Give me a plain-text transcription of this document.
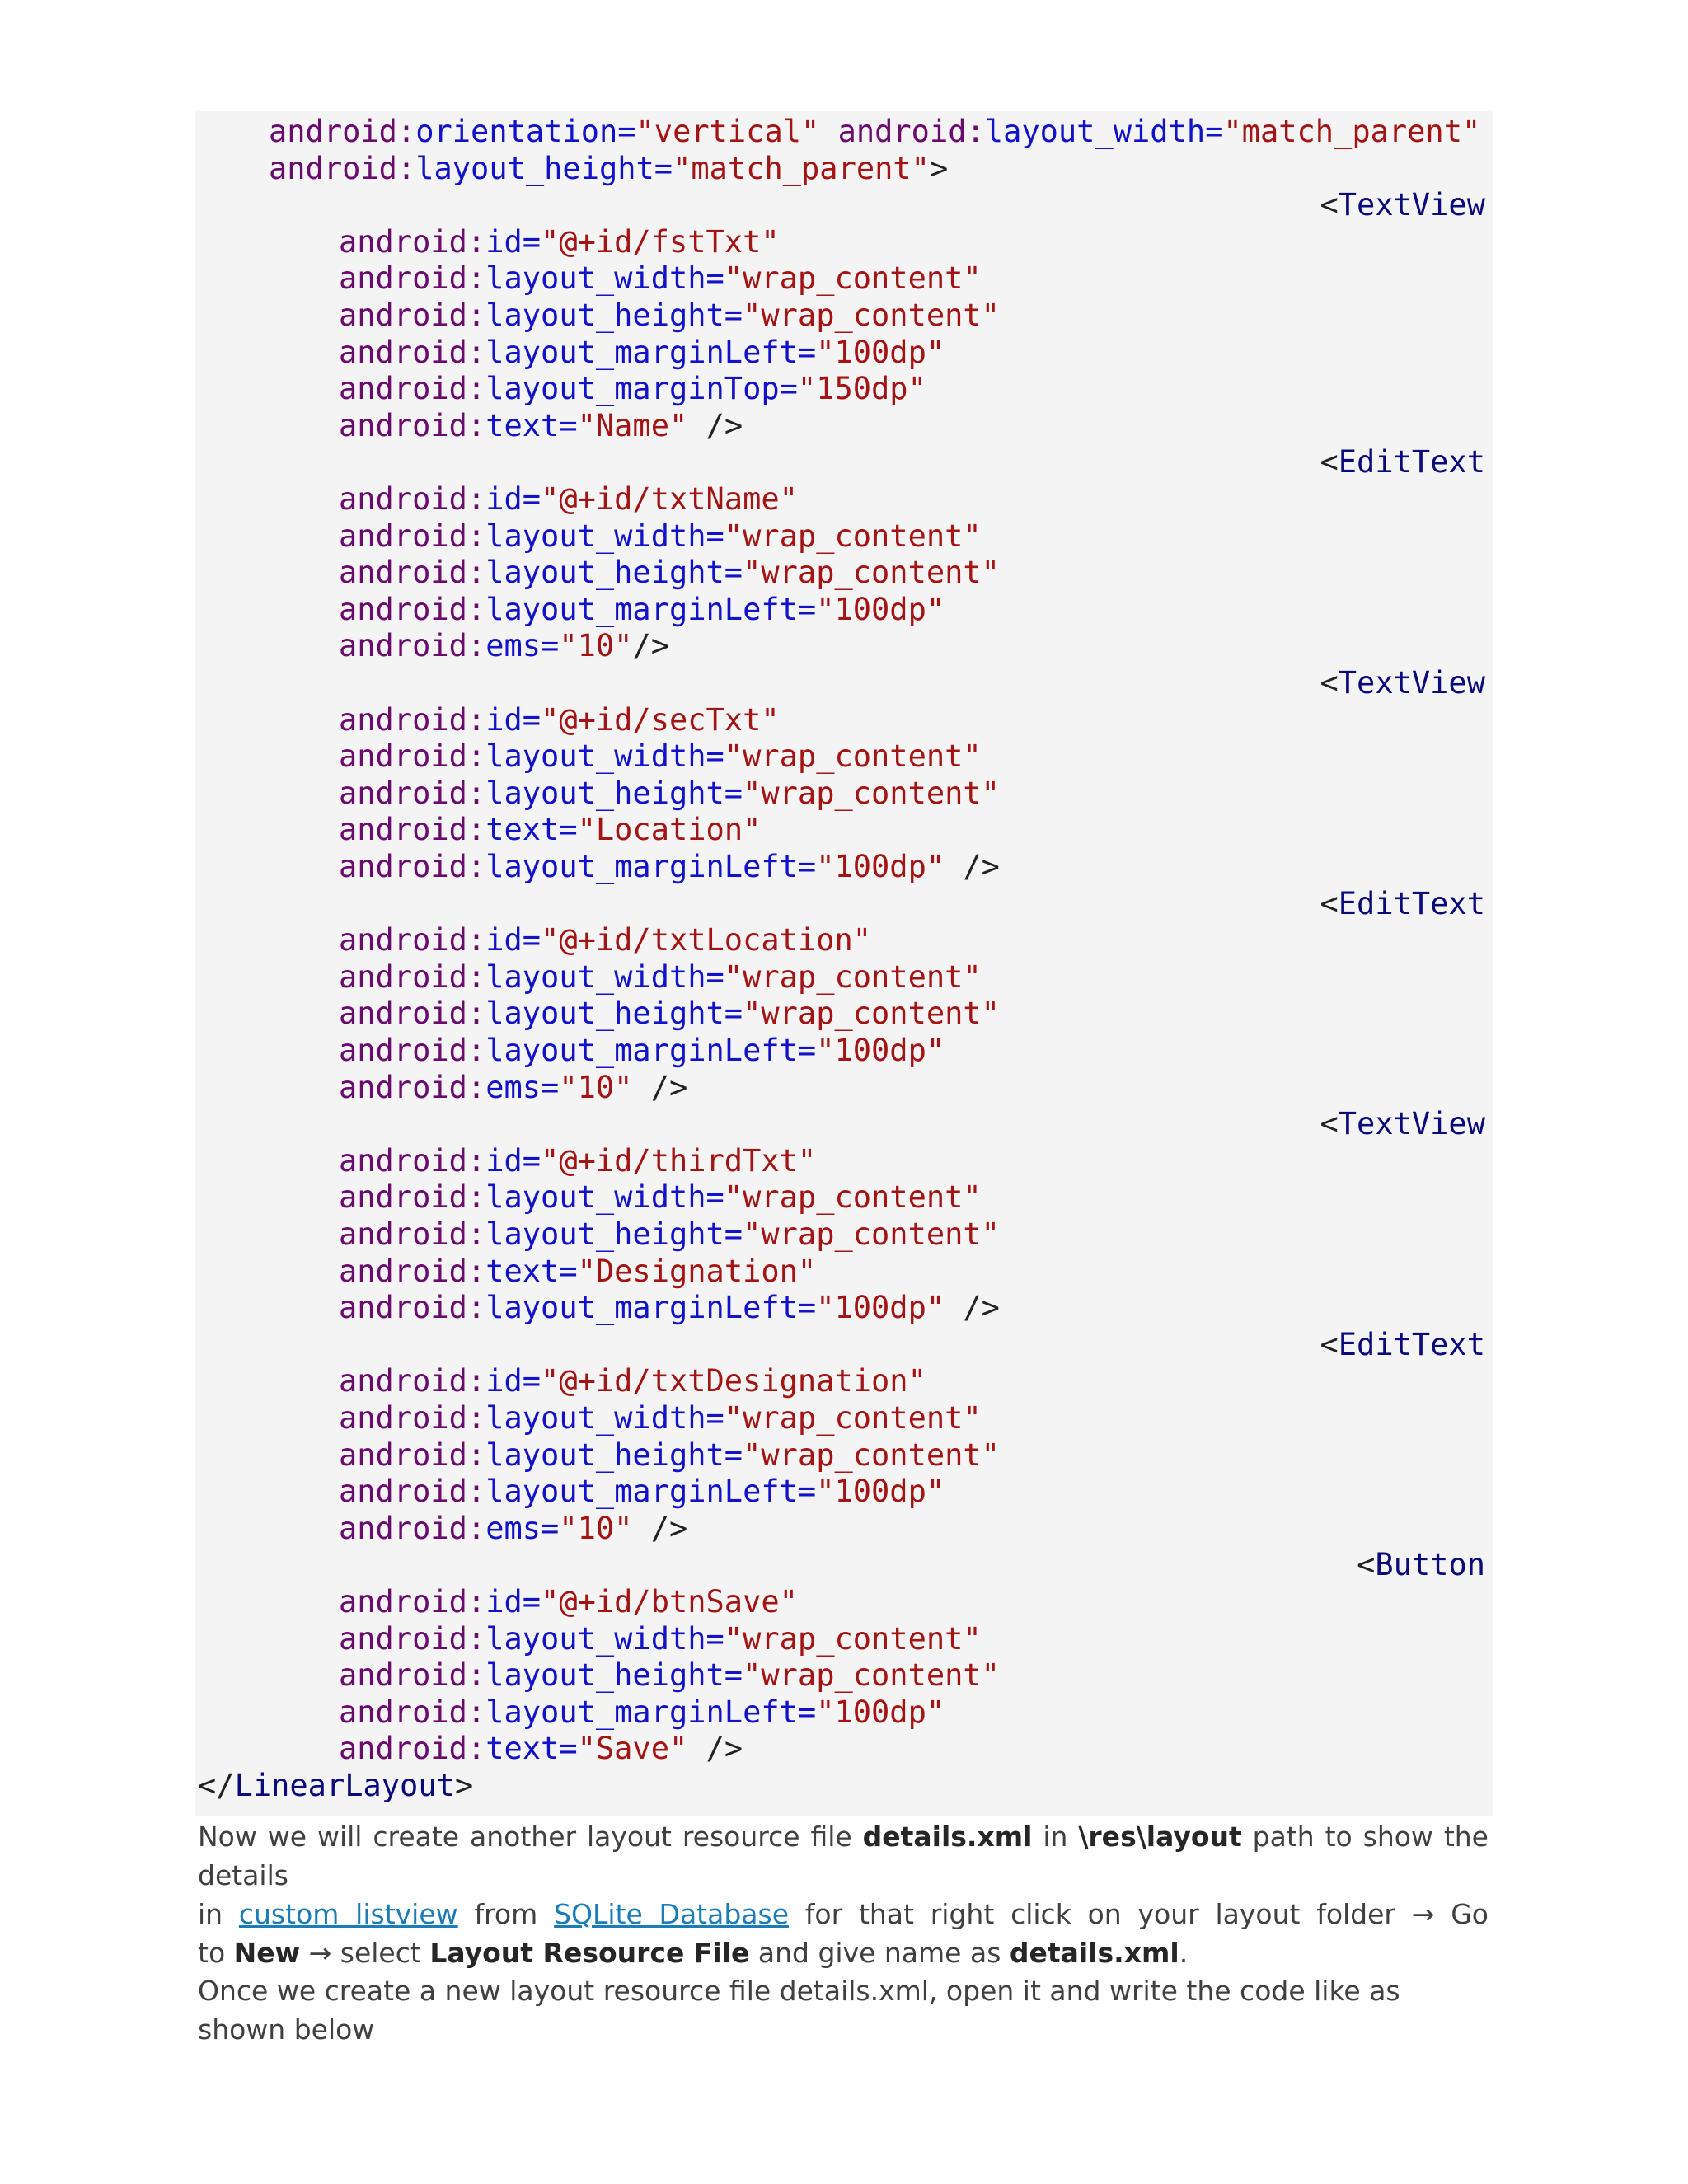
android:orientation="vertical" android:layout_width="match_parent"
android:layout_height="match_parent">
<TextView
android:id="@+id/fstTxt"
android:layout_width="wrap_content"
android:layout_height="wrap_content"
android:layout_marginLeft="100dp"
android:layout_marginTop="150dp"
android:text="Name" />
<EditText
android:id="@+id/txtName"
android:layout_width="wrap_content"
android:layout_height="wrap_content"
android:layout_marginLeft="100dp"
android:ems="10"/>
<TextView
android:id="@+id/secTxt"
android:layout_width="wrap_content"
android:layout_height="wrap_content"
android:text="Location"
android:layout_marginLeft="100dp" />
<EditText
android:id="@+id/txtLocation"
android:layout_width="wrap_content"
android:layout_height="wrap_content"
android:layout_marginLeft="100dp"
android:ems="10" />
<TextView
android:id="@+id/thirdTxt"
android:layout_width="wrap_content"
android:layout_height="wrap_content"
android:text="Designation"
android:layout_marginLeft="100dp" />
<EditText
android:id="@+id/txtDesignation"
android:layout_width="wrap_content"
android:layout_height="wrap_content"
android:layout_marginLeft="100dp"
android:ems="10" />
<Button
android:id="@+id/btnSave"
android:layout_width="wrap_content"
android:layout_height="wrap_content"
android:layout_marginLeft="100dp"
android:text="Save" />
</LinearLayout>
Now we will create another layout resource file details.xml in \res\layout path to show the details
in custom listview from SQLite Database for that right click on your layout folder → Go
to New → select Layout Resource File and give name as details.xml.
Once we create a new layout resource file details.xml, open it and write the code like as shown below
